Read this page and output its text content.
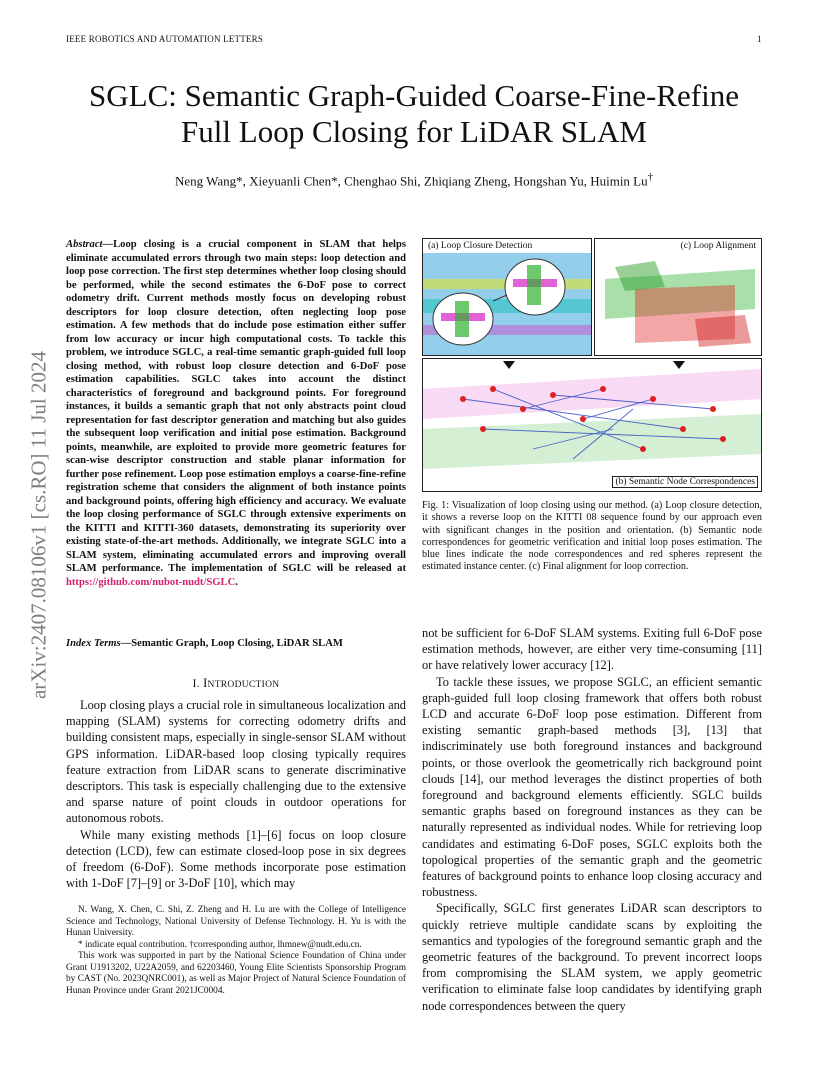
IEEE ROBOTICS AND AUTOMATION LETTERS	1
arXiv:2407.08106v1 [cs.RO] 11 Jul 2024
SGLC: Semantic Graph-Guided Coarse-Fine-Refine
Full Loop Closing for LiDAR SLAM
Neng Wang*, Xieyuanli Chen*, Chenghao Shi, Zhiqiang Zheng, Hongshan Yu, Huimin Lu†
Abstract—Loop closing is a crucial component in SLAM that helps eliminate accumulated errors through two main steps: loop detection and loop pose correction. The first step determines whether loop closing should be performed, while the second estimates the 6-DoF pose to correct odometry drift. Current methods mostly focus on developing robust descriptors for loop closure detection, often neglecting loop pose estimation. A few methods that do include pose estimation either suffer from low accuracy or incur high computational costs. To tackle this problem, we introduce SGLC, a real-time semantic graph-guided full loop closing method, with robust loop closure detection and 6-DoF pose estimation capabilities. SGLC takes into account the distinct characteristics of foreground and background points. For foreground instances, it builds a semantic graph that not only abstracts point cloud representation for fast descriptor generation and matching but also guides the subsequent loop verification and initial pose estimation. Background points, meanwhile, are exploited to provide more geometric features for scan-wise descriptor construction and stable planar information for further pose refinement. Loop pose estimation employs a coarse-fine-refine registration scheme that considers the alignment of both instance points and background points, offering high efficiency and accuracy. We evaluate the loop closing performance of SGLC through extensive experiments on the KITTI and KITTI-360 datasets, demonstrating its superiority over existing state-of-the-art methods. Additionally, we integrate SGLC into a SLAM system, eliminating accumulated errors and improving overall SLAM performance. The implementation of SGLC will be released at https://github.com/nubot-nudt/SGLC.
Index Terms—Semantic Graph, Loop Closing, LiDAR SLAM
I. INTRODUCTION

Loop closing plays a crucial role in simultaneous localization and mapping (SLAM) systems for correcting odometry drifts and building consistent maps, especially in single-sensor SLAM without GPS information. LiDAR-based loop closing typically requires feature extraction from LiDAR scans to generate discriminative descriptors. This task is especially challenging due to the extensive and sparse nature of point clouds in outdoor operations for autonomous robots.

While many existing methods [1]–[6] focus on loop closure detection (LCD), few can estimate closed-loop pose in six degrees of freedom (6-DoF). Some methods incorporate pose estimation with 1-DoF [7]–[9] or 3-DoF [10], which may

N. Wang, X. Chen, C. Shi, Z. Zheng and H. Lu are with the College of Intelligence Science and Technology, National University of Defense Technology. H. Yu is with the Hunan University.

* indicate equal contribution. †corresponding author, lhmnew@nudt.edu.cn.

This work was supported in part by the National Science Foundation of China under Grant U1913202, U22A2059, and 62203460, Young Elite Scientists Sponsorship Program by CAST (No. 2023QNRC001), as well as Major Project of Natural Science Foundation of Hunan Province under Grant 2021JC0004.

(a) Loop Closure Detection	(c) Loop Alignment
(b) Semantic Node Correspondences
Fig. 1: Visualization of loop closing using our method. (a) Loop closure detection, it shows a reverse loop on the KITTI 08 sequence found by our approach even with significant changes in the position and orientation. (b) Semantic node correspondences for geometric verification and initial loop poses estimation. The blue lines indicate the node correspondences and red spheres represent the estimated instance center. (c) Final alignment for loop correction.

not be sufficient for 6-DoF SLAM systems. Exiting full 6-DoF pose estimation methods, however, are either very time-consuming [11] or have relatively lower accuracy [12].

To tackle these issues, we propose SGLC, an efficient semantic graph-guided full loop closing framework that offers both robust LCD and accurate 6-DoF loop pose estimation. Different from existing semantic graph-based methods [3], [13] that indiscriminately use both foreground instances and background points, or those overlook the geometrically rich background point clouds [14], our method leverages the distinct properties of both foreground and background elements efficiently. SGLC builds semantic graphs based on foreground instances as they can be naturally represented as individual nodes. While for retrieving loop candidates and estimating 6-DoF poses, SGLC exploits both the topological properties of the semantic graph and the geometric features of background points to enhance loop closing accuracy and robustness.

Specifically, SGLC first generates LiDAR scan descriptors to quickly retrieve multiple candidate scans by exploiting the semantics and typologies of the foreground semantic graph and the geometric features of the background. To prevent incorrect loops from compromising the SLAM system, we apply geometric verification to eliminate false loop candidates by identifying graph node correspondences between the query
